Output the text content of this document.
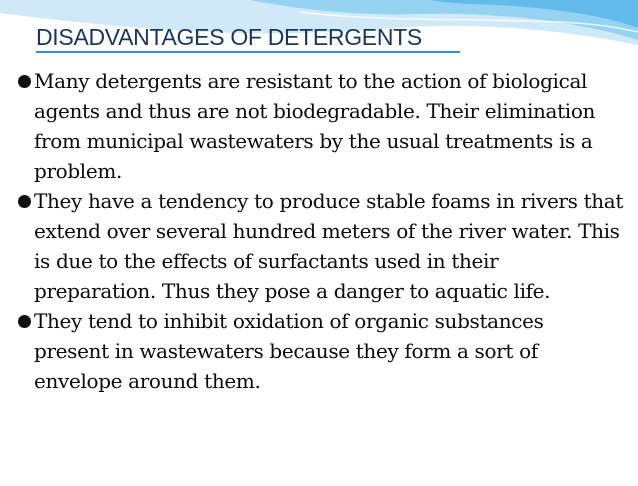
DISADVANTAGES OF DETERGENTS
Many detergents are resistant to the action of biological agents and thus are not biodegradable. Their elimination from municipal wastewaters by the usual treatments is a problem.
They have a tendency to produce stable foams in rivers that extend over several hundred meters of the river water. This is due to the effects of surfactants used in their preparation. Thus they pose a danger to aquatic life.
They tend to inhibit oxidation of organic substances present in wastewaters because they form a sort of envelope around them.
